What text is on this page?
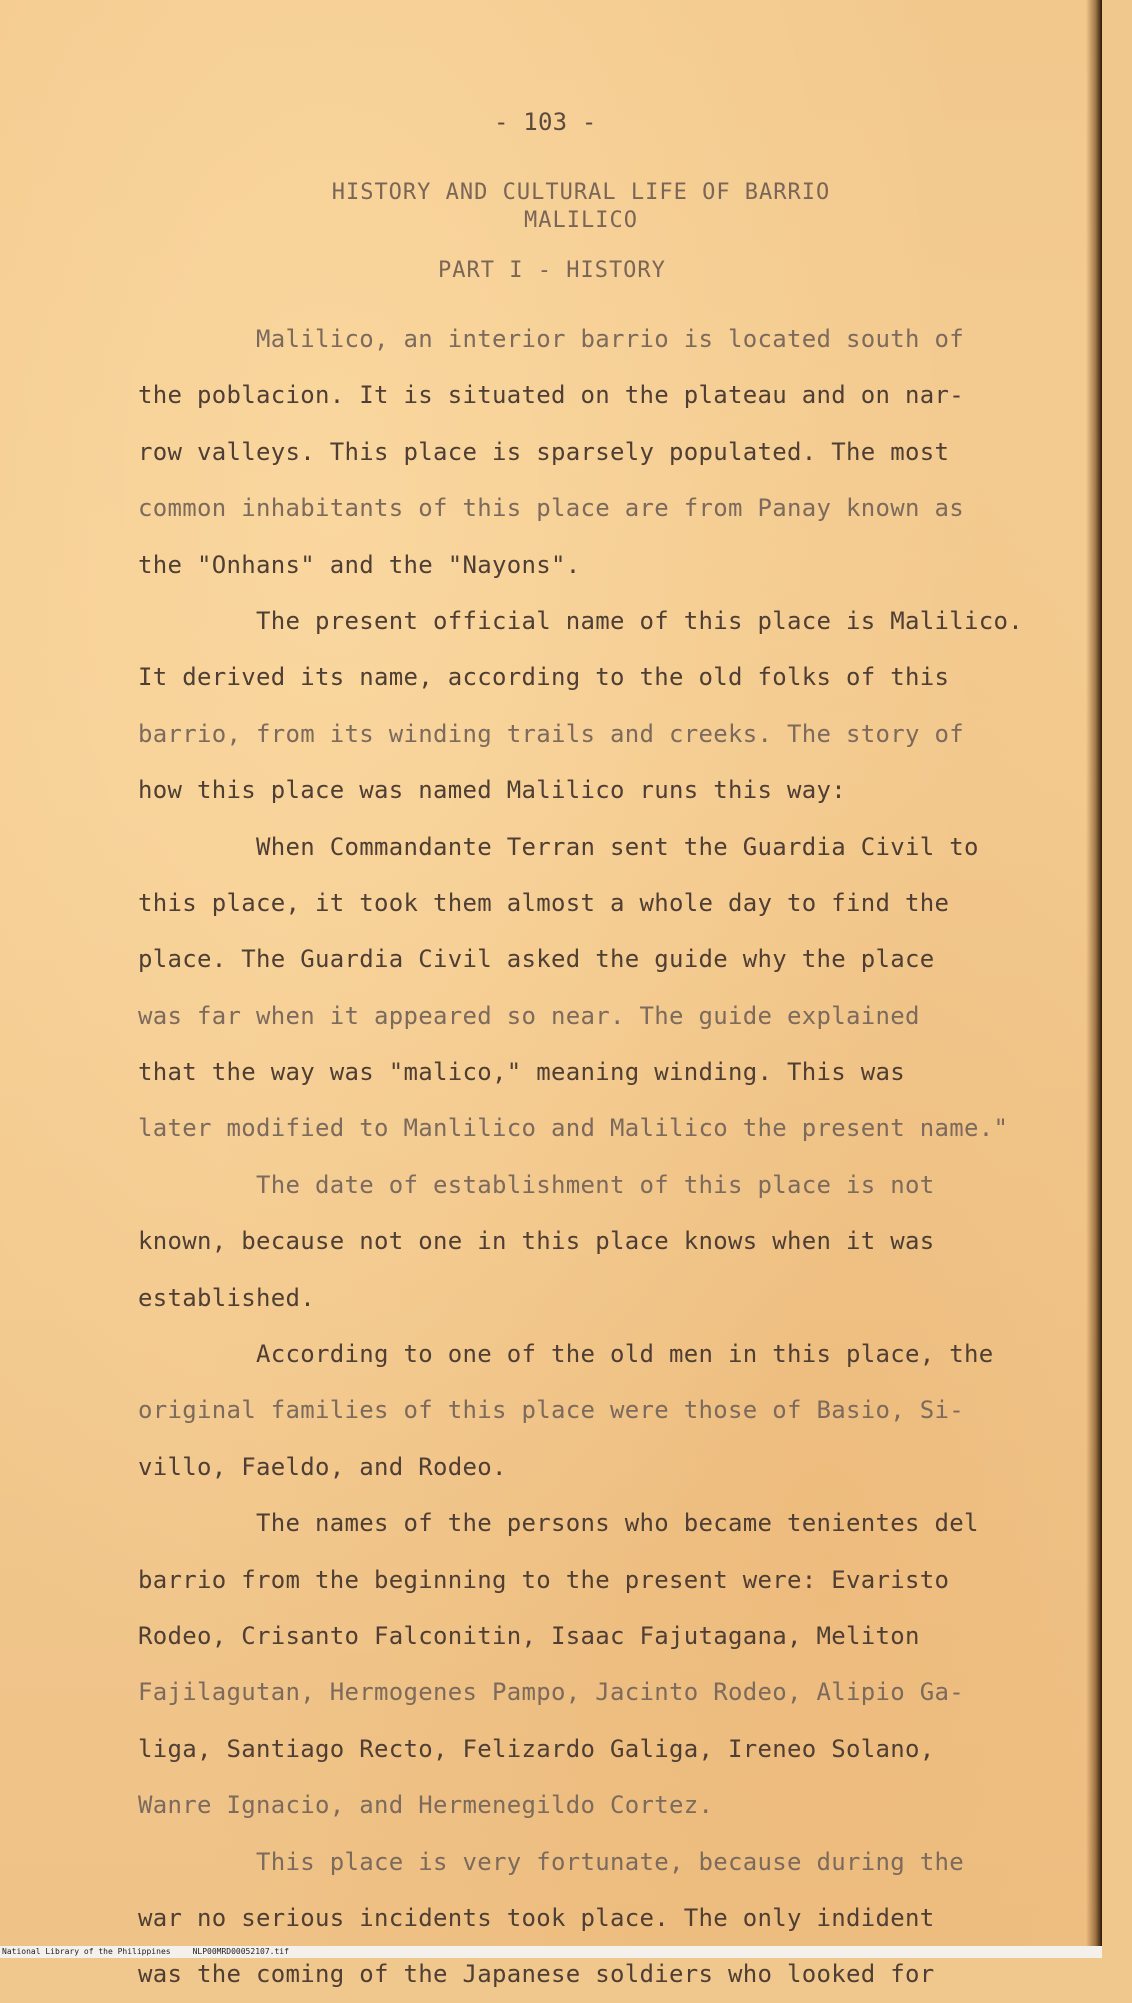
- 103 -
HISTORY AND CULTURAL LIFE OF BARRIO
MALILICO
PART I - HISTORY
Malilico, an interior barrio is located south of
the poblacion. It is situated on the plateau and on nar-
row valleys. This place is sparsely populated. The most
common inhabitants of this place are from Panay known as
the "Onhans" and the "Nayons".
The present official name of this place is Malilico.
It derived its name, according to the old folks of this
barrio, from its winding trails and creeks. The story of
how this place was named Malilico runs this way:
When Commandante Terran sent the Guardia Civil to
this place, it took them almost a whole day to find the
place. The Guardia Civil asked the guide why the place
was far when it appeared so near. The guide explained
that the way was "malico," meaning winding. This was
later modified to Manlilico and Malilico the present name."
The date of establishment of this place is not
known, because not one in this place knows when it was
established.
According to one of the old men in this place, the
original families of this place were those of Basio, Si-
villo, Faeldo, and Rodeo.
The names of the persons who became tenientes del
barrio from the beginning to the present were: Evaristo
Rodeo, Crisanto Falconitin, Isaac Fajutagana, Meliton
Fajilagutan, Hermogenes Pampo, Jacinto Rodeo, Alipio Ga-
liga, Santiago Recto, Felizardo Galiga, Ireneo Solano,
Wanre Ignacio, and Hermenegildo Cortez.
This place is very fortunate, because during the
war no serious incidents took place. The only indident
was the coming of the Japanese soldiers who looked for
National Library of the Philippines	NLP00MRD00052107.tif
